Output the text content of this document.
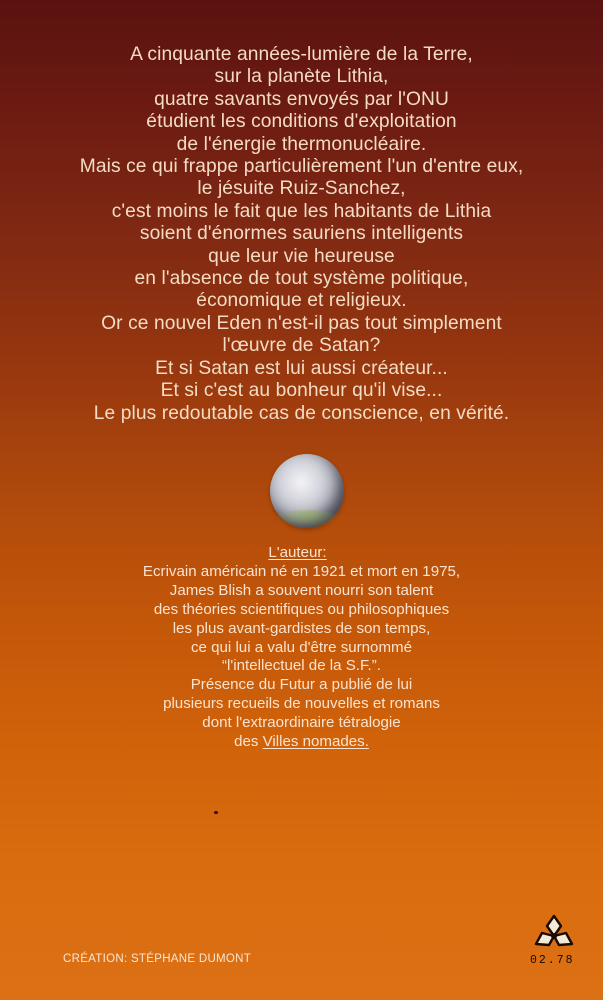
A cinquante années-lumière de la Terre,
sur la planète Lithia,
quatre savants envoyés par l'ONU
étudient les conditions d'exploitation
de l'énergie thermonucléaire.
Mais ce qui frappe particulièrement l'un d'entre eux,
le jésuite Ruiz-Sanchez,
c'est moins le fait que les habitants de Lithia
soient d'énormes sauriens intelligents
que leur vie heureuse
en l'absence de tout système politique,
économique et religieux.
Or ce nouvel Eden n'est-il pas tout simplement
l'œuvre de Satan?
Et si Satan est lui aussi créateur...
Et si c'est au bonheur qu'il vise...
Le plus redoutable cas de conscience, en vérité.
L'auteur:
Ecrivain américain né en 1921 et mort en 1975,
James Blish a souvent nourri son talent
des théories scientifiques ou philosophiques
les plus avant-gardistes de son temps,
ce qui lui a valu d'être surnommé
“l'intellectuel de la S.F.”.
Présence du Futur a publié de lui
plusieurs recueils de nouvelles et romans
dont l'extraordinaire tétralogie
des Villes nomades.
CRÉATION: STÉPHANE DUMONT	02.78
